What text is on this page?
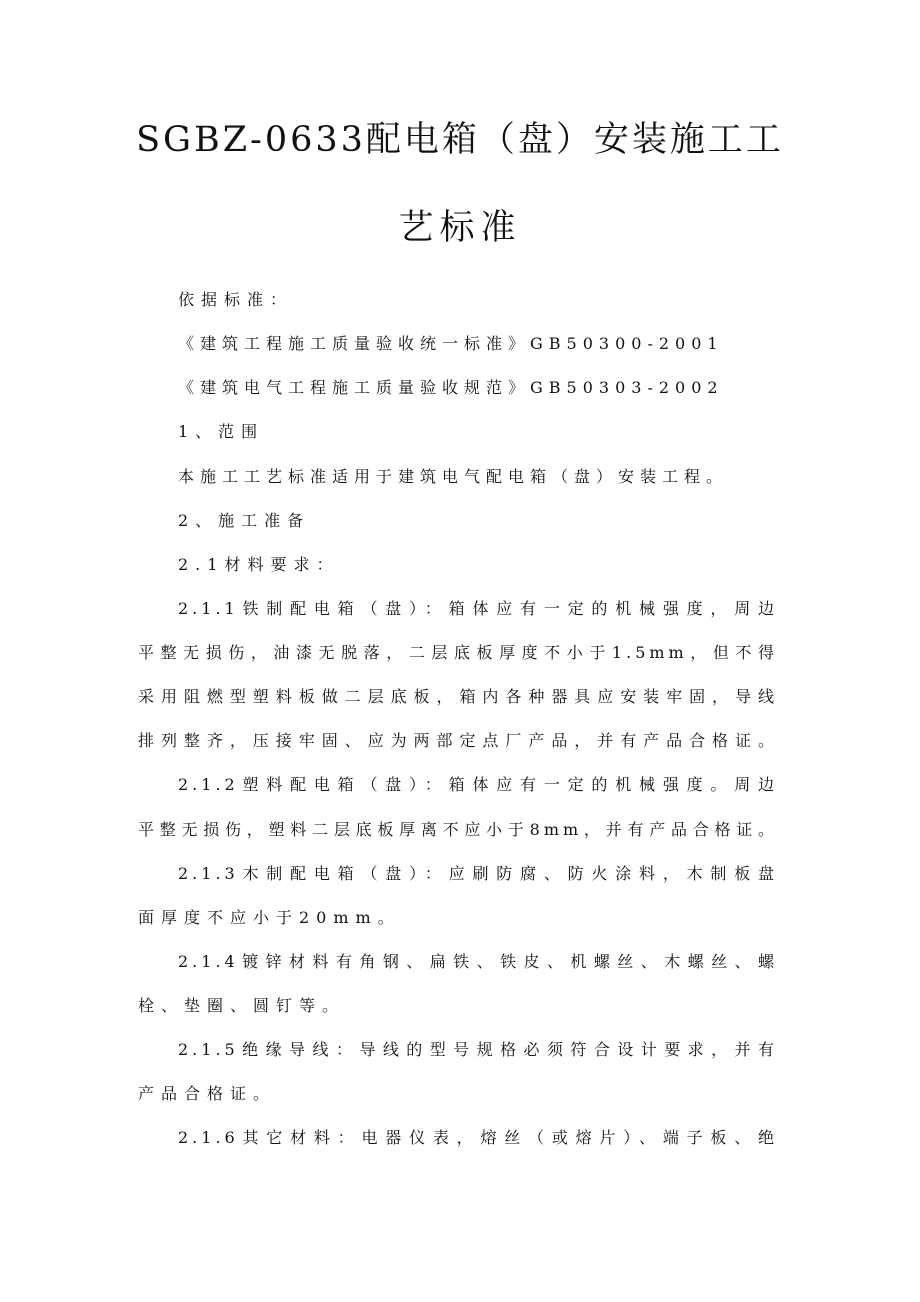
SGBZ-0633配电箱（盘）安装施工工
艺标准

依据标准：

《建筑工程施工质量验收统一标准》GB50300-2001

《建筑电气工程施工质量验收规范》GB50303-2002

1、范围

本施工工艺标准适用于建筑电气配电箱（盘）安装工程。

2、施工准备

2.1材料要求：

2.1.1铁制配电箱（盘）：箱体应有一定的机械强度，周边

平整无损伤，油漆无脱落，二层底板厚度不小于1.5mm，但不得

采用阻燃型塑料板做二层底板，箱内各种器具应安装牢固，导线

排列整齐，压接牢固、应为两部定点厂产品，并有产品合格证。

2.1.2塑料配电箱（盘）：箱体应有一定的机械强度。周边

平整无损伤，塑料二层底板厚离不应小于8mm，并有产品合格证。

2.1.3木制配电箱（盘）：应刷防腐、防火涂料，木制板盘

面厚度不应小于20mm。

2.1.4镀锌材料有角钢、扁铁、铁皮、机螺丝、木螺丝、螺

栓、垫圈、圆钉等。

2.1.5绝缘导线：导线的型号规格必须符合设计要求，并有

产品合格证。

2.1.6其它材料：电器仪表，熔丝（或熔片）、端子板、绝
